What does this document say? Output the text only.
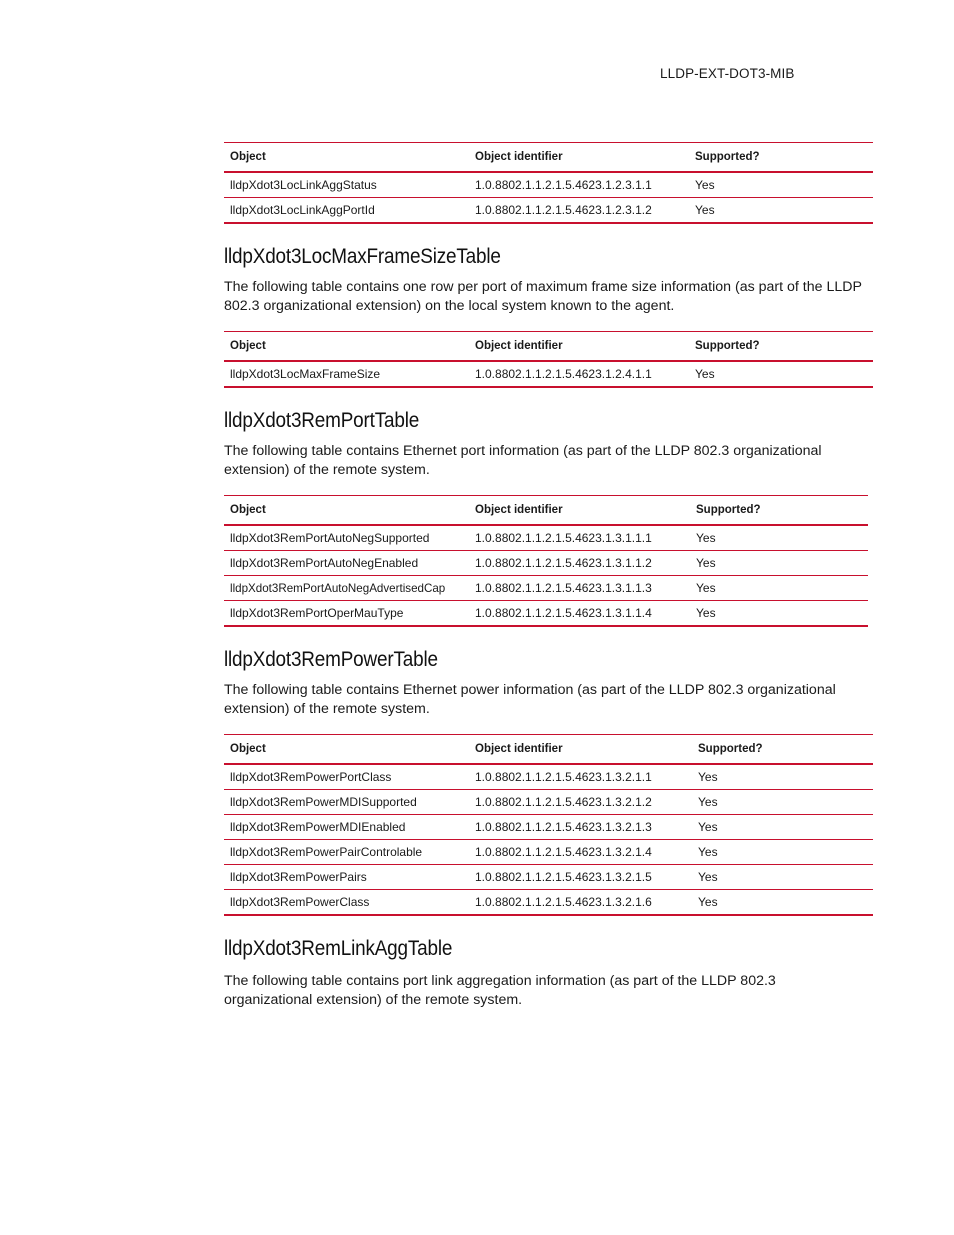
LLDP-EXT-DOT3-MIB
Object	Object identifier	Supported?
lldpXdot3LocLinkAggStatus	1.0.8802.1.1.2.1.5.4623.1.2.3.1.1	Yes
lldpXdot3LocLinkAggPortId	1.0.8802.1.1.2.1.5.4623.1.2.3.1.2	Yes
lldpXdot3LocMaxFrameSizeTable

The following table contains one row per port of maximum frame size information (as part of the LLDP 802.3 organizational extension) on the local system known to the agent.

Object	Object identifier	Supported?
lldpXdot3LocMaxFrameSize	1.0.8802.1.1.2.1.5.4623.1.2.4.1.1	Yes
lldpXdot3RemPortTable

The following table contains Ethernet port information (as part of the LLDP 802.3 organizational extension) of the remote system.

Object	Object identifier	Supported?
lldpXdot3RemPortAutoNegSupported	1.0.8802.1.1.2.1.5.4623.1.3.1.1.1	Yes
lldpXdot3RemPortAutoNegEnabled	1.0.8802.1.1.2.1.5.4623.1.3.1.1.2	Yes
lldpXdot3RemPortAutoNegAdvertisedCap	1.0.8802.1.1.2.1.5.4623.1.3.1.1.3	Yes
lldpXdot3RemPortOperMauType	1.0.8802.1.1.2.1.5.4623.1.3.1.1.4	Yes
lldpXdot3RemPowerTable

The following table contains Ethernet power information (as part of the LLDP 802.3 organizational extension) of the remote system.

Object	Object identifier	Supported?
lldpXdot3RemPowerPortClass	1.0.8802.1.1.2.1.5.4623.1.3.2.1.1	Yes
lldpXdot3RemPowerMDISupported	1.0.8802.1.1.2.1.5.4623.1.3.2.1.2	Yes
lldpXdot3RemPowerMDIEnabled	1.0.8802.1.1.2.1.5.4623.1.3.2.1.3	Yes
lldpXdot3RemPowerPairControlable	1.0.8802.1.1.2.1.5.4623.1.3.2.1.4	Yes
lldpXdot3RemPowerPairs	1.0.8802.1.1.2.1.5.4623.1.3.2.1.5	Yes
lldpXdot3RemPowerClass	1.0.8802.1.1.2.1.5.4623.1.3.2.1.6	Yes
lldpXdot3RemLinkAggTable

The following table contains port link aggregation information (as part of the LLDP 802.3 organizational extension) of the remote system.
